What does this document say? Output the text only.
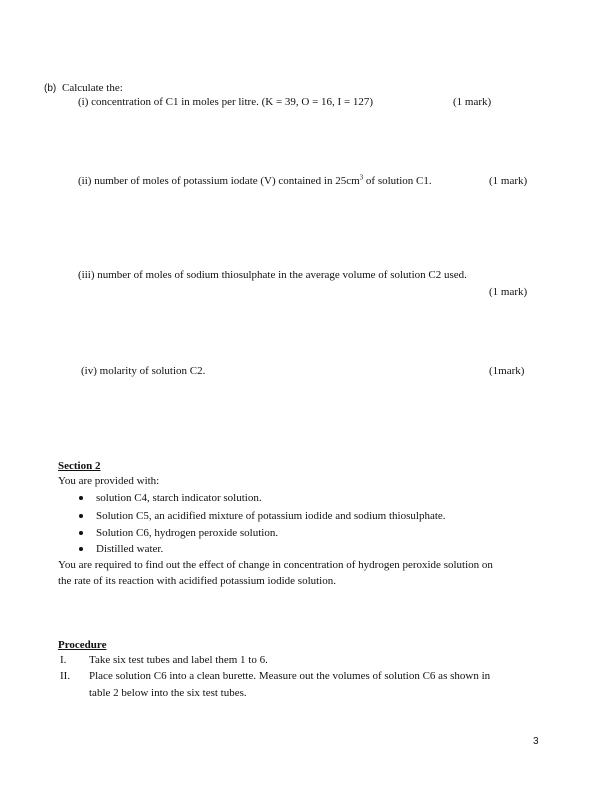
(b) Calculate the:
(i) concentration of C1 in moles per litre. (K = 39, O = 16, I = 127)	(1 mark)
(ii) number of moles of potassium iodate (V) contained in $25cm^3$ of solution C1.	(1 mark)
(iii) number of moles of sodium thiosulphate in the average volume of solution C2 used.
(1 mark)
(iv) molarity of solution C2.	(1mark)
Section 2
You are provided with:
solution C4, starch indicator solution.
Solution C5, an acidified mixture of potassium iodide and sodium thiosulphate.
Solution C6, hydrogen peroxide solution.
Distilled water.
You are required to find out the effect of change in concentration of hydrogen peroxide solution on
the rate of its reaction with acidified potassium iodide solution.
Procedure
I. Take six test tubes and label them 1 to 6.
II. Place solution C6 into a clean burette. Measure out the volumes of solution C6 as shown in
table 2 below into the six test tubes.
3
